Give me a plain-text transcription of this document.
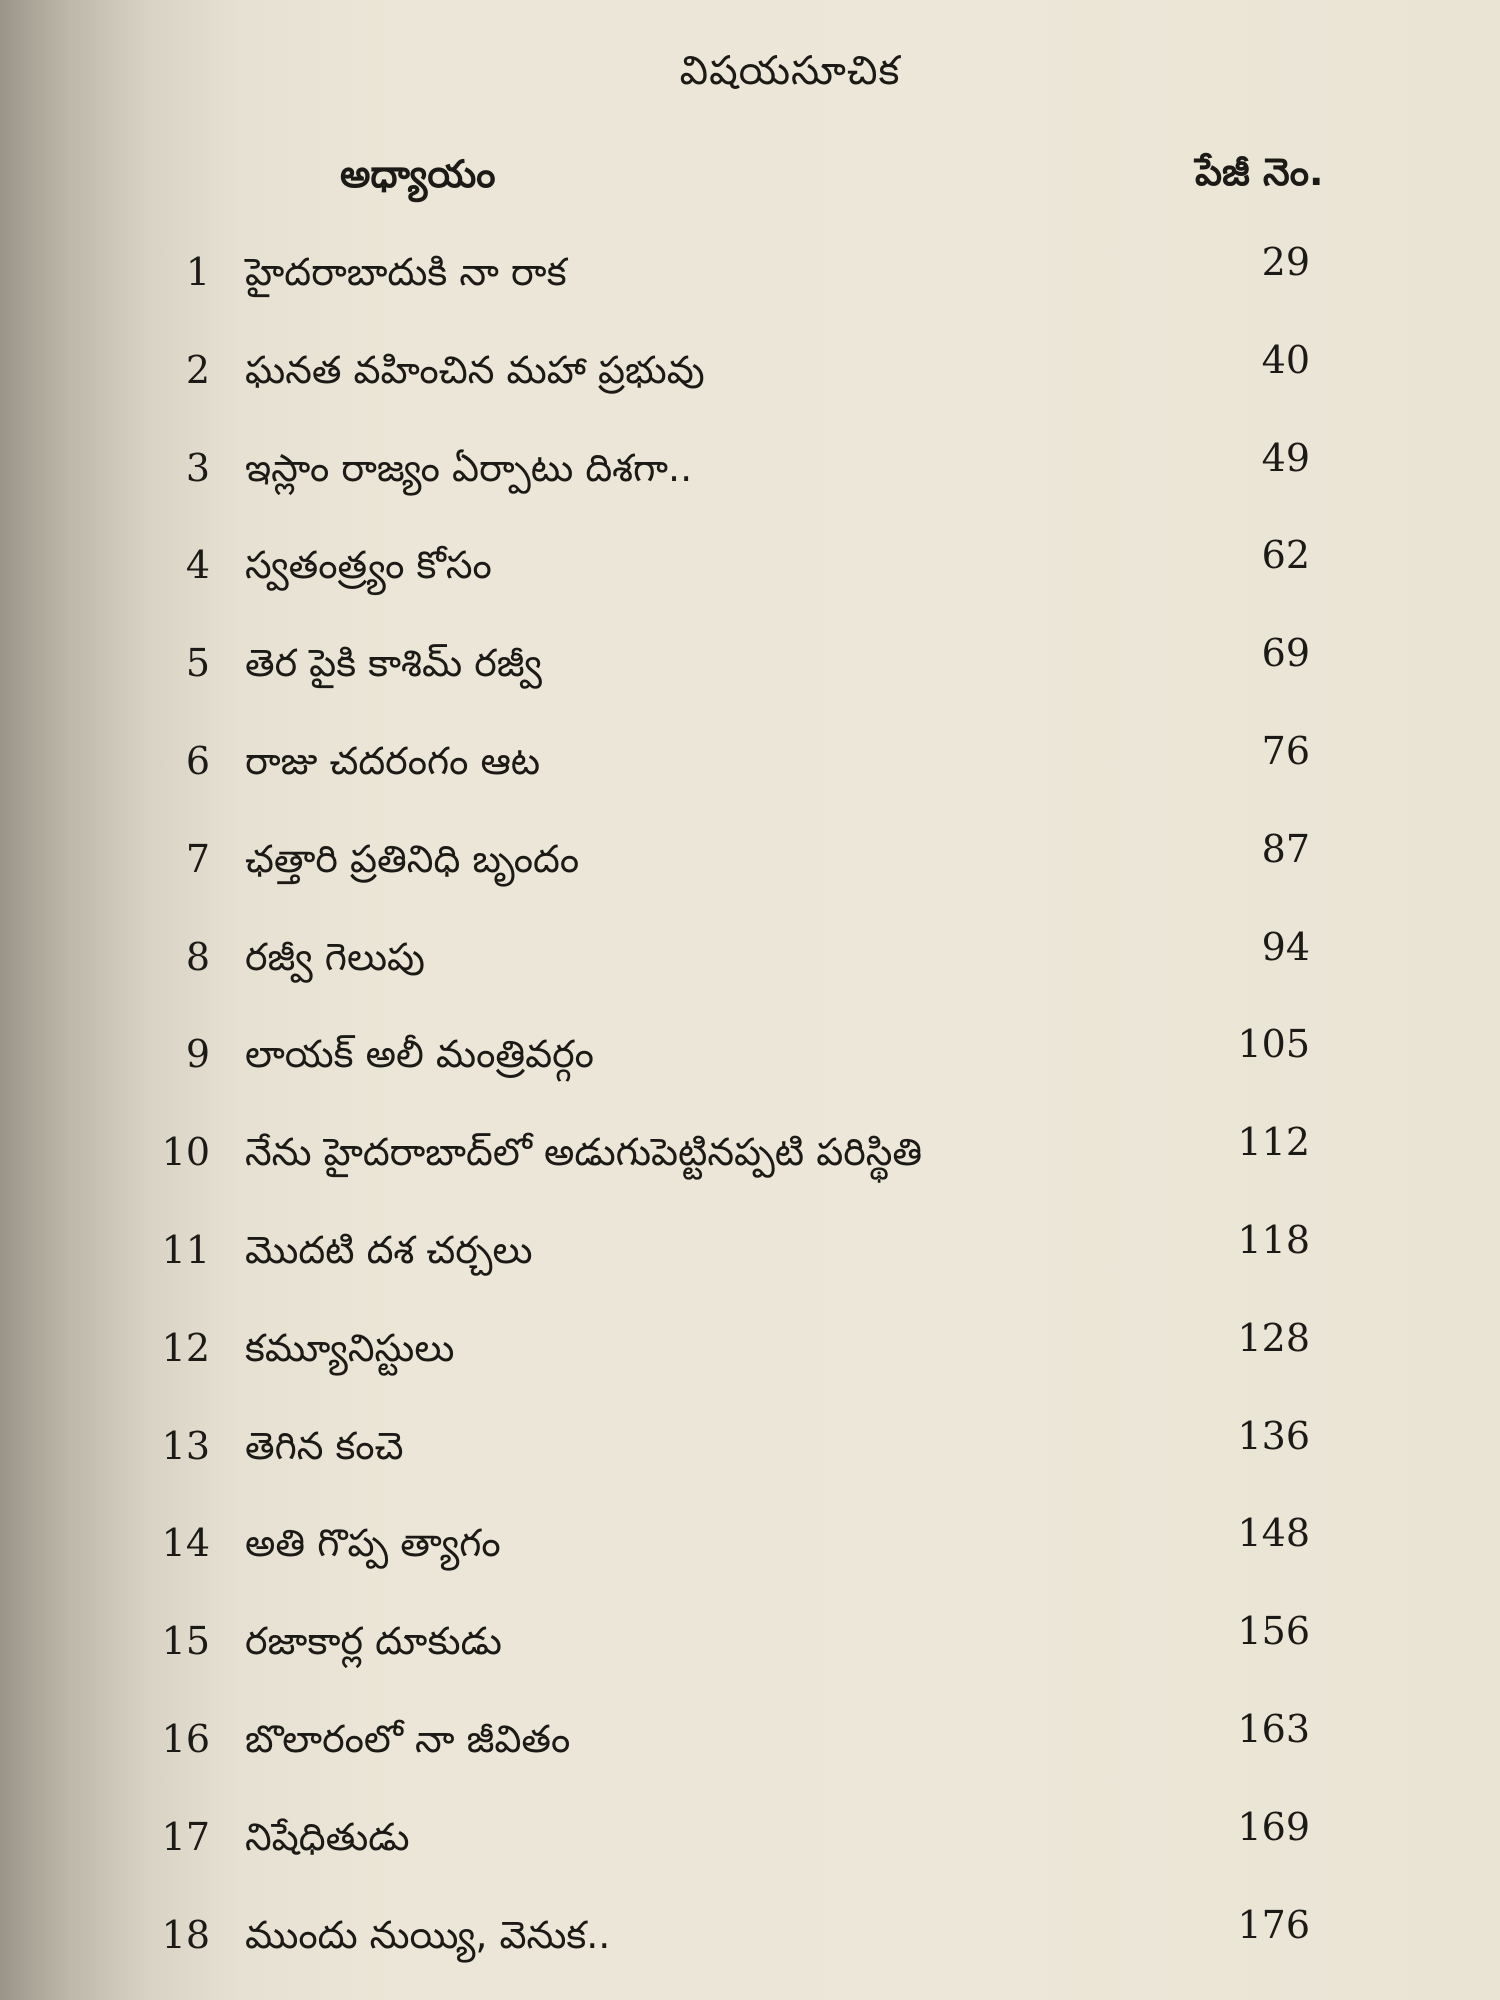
విషయసూచిక
అధ్యాయం	పేజీ నెం.
1 హైదరాబాదుకి నా రాక	29
2 ఘనత వహించిన మహా ప్రభువు	40
3 ఇస్లాం రాజ్యం ఏర్పాటు దిశగా..	49
4 స్వతంత్ర్యం కోసం	62
5 తెర పైకి కాశిమ్ రజ్వీ	69
6 రాజు చదరంగం ఆట	76
7 ఛత్తారి ప్రతినిధి బృందం	87
8 రజ్వీ గెలుపు	94
9 లాయక్ అలీ మంత్రివర్గం	105
10 నేను హైదరాబాద్‌లో అడుగుపెట్టినప్పటి పరిస్థితి	112
11 మొదటి దశ చర్చలు	118
12 కమ్యూనిస్టులు	128
13 తెగిన కంచె	136
14 అతి గొప్ప త్యాగం	148
15 రజాకార్ల దూకుడు	156
16 బొలారంలో నా జీవితం	163
17 నిషేధితుడు	169
18 ముందు నుయ్యి, వెనుక..	176
